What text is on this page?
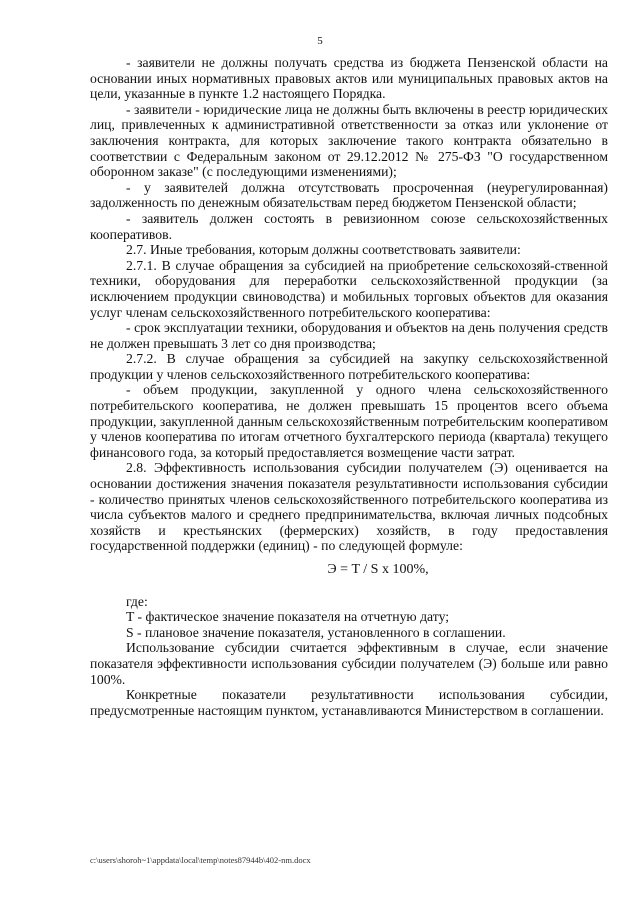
5

- заявители не должны получать средства из бюджета Пензенской области на основании иных нормативных правовых актов или муниципальных правовых актов на цели, указанные в пункте 1.2 настоящего Порядка.

- заявители - юридические лица не должны быть включены в реестр юридических лиц, привлеченных к административной ответственности за отказ или уклонение от заключения контракта, для которых заключение такого контракта обязательно в соответствии с Федеральным законом от 29.12.2012 № 275-ФЗ "О государственном оборонном заказе" (с последующими изменениями);

- у заявителей должна отсутствовать просроченная (неурегулированная) задолженность по денежным обязательствам перед бюджетом Пензенской области;

- заявитель должен состоять в ревизионном союзе сельскохозяйственных кооперативов.

2.7. Иные требования, которым должны соответствовать заявители:

2.7.1. В случае обращения за субсидией на приобретение сельскохозяй-ственной техники, оборудования для переработки сельскохозяйственной продукции (за исключением продукции свиноводства) и мобильных торговых объектов для оказания услуг членам сельскохозяйственного потребительского кооператива:

- срок эксплуатации техники, оборудования и объектов на день получения средств не должен превышать 3 лет со дня производства;

2.7.2. В случае обращения за субсидией на закупку сельскохозяйственной продукции у членов сельскохозяйственного потребительского кооператива:

- объем продукции, закупленной у одного члена сельскохозяйственного потребительского кооператива, не должен превышать 15 процентов всего объема продукции, закупленной данным сельскохозяйственным потребительским кооперативом у членов кооператива по итогам отчетного бухгалтерского периода (квартала) текущего финансового года, за который предоставляется возмещение части затрат.

2.8. Эффективность использования субсидии получателем (Э) оценивается на основании достижения значения показателя результативности использования субсидии - количество принятых членов сельскохозяйственного потребительского кооператива из числа субъектов малого и среднего предпринимательства, включая личных подсобных хозяйств и крестьянских (фермерских) хозяйств, в году предоставления государственной поддержки (единиц) - по следующей формуле:

Э = T / S x 100%,

где:

T - фактическое значение показателя на отчетную дату;

S - плановое значение показателя, установленного в соглашении.

Использование субсидии считается эффективным в случае, если значение показателя эффективности использования субсидии получателем (Э) больше или равно 100%.

Конкретные показатели результативности использования субсидии, предусмотренные настоящим пунктом, устанавливаются Министерством в соглашении.

c:\users\shoroh~1\appdata\local\temp\notes87944b\402-nm.docx
